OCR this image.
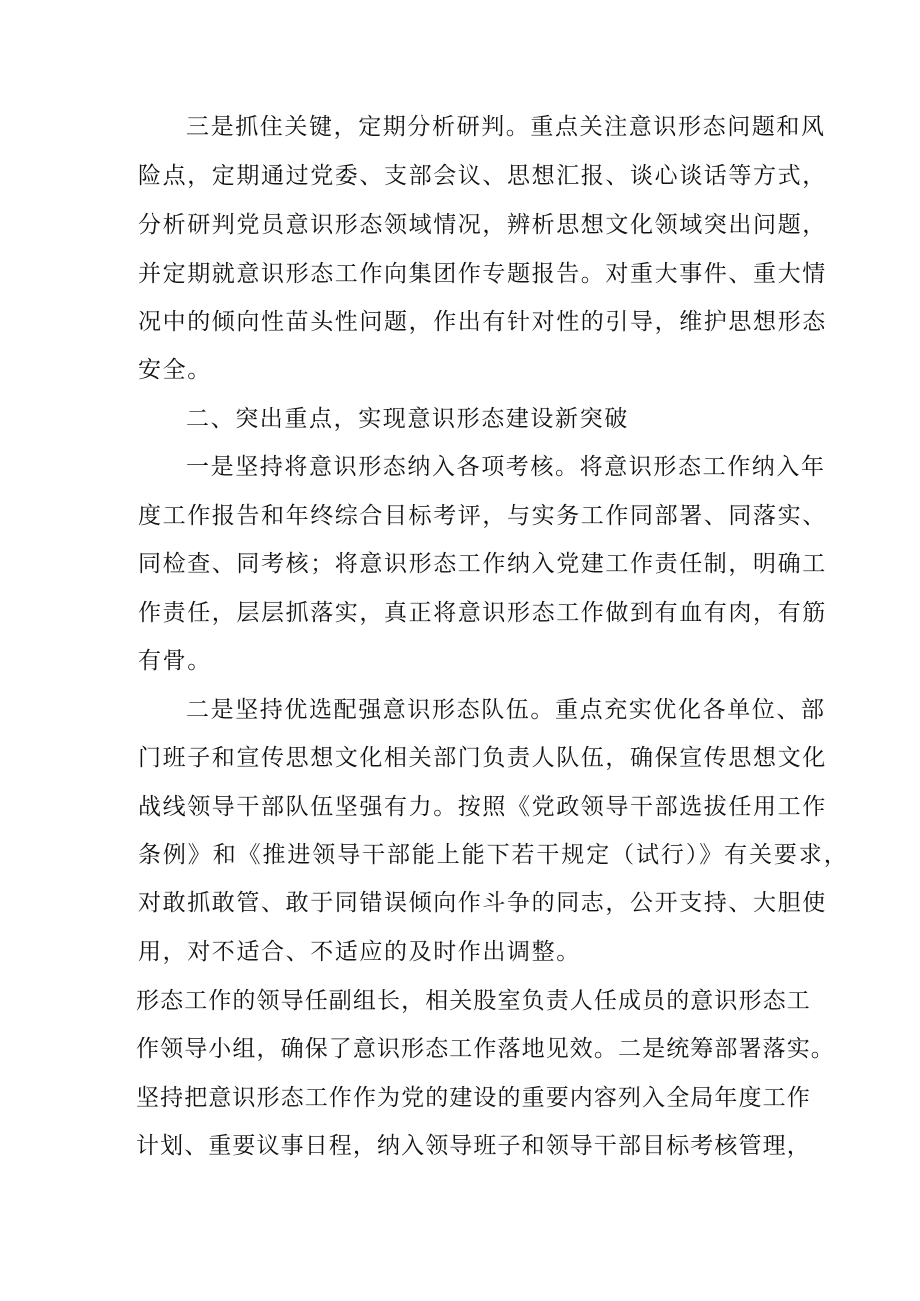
三是抓住关键，定期分析研判。重点关注意识形态问题和风
险点，定期通过党委、支部会议、思想汇报、谈心谈话等方式，
分析研判党员意识形态领域情况，辨析思想文化领域突出问题，
并定期就意识形态工作向集团作专题报告。对重大事件、重大情
况中的倾向性苗头性问题，作出有针对性的引导，维护思想形态
安全。
二、突出重点，实现意识形态建设新突破
一是坚持将意识形态纳入各项考核。将意识形态工作纳入年
度工作报告和年终综合目标考评，与实务工作同部署、同落实、
同检查、同考核；将意识形态工作纳入党建工作责任制，明确工
作责任，层层抓落实，真正将意识形态工作做到有血有肉，有筋
有骨。
二是坚持优选配强意识形态队伍。重点充实优化各单位、部
门班子和宣传思想文化相关部门负责人队伍，确保宣传思想文化
战线领导干部队伍坚强有力。按照《党政领导干部选拔任用工作
条例》和《推进领导干部能上能下若干规定（试行）》有关要求，
对敢抓敢管、敢于同错误倾向作斗争的同志，公开支持、大胆使
用，对不适合、不适应的及时作出调整。
形态工作的领导任副组长，相关股室负责人任成员的意识形态工
作领导小组，确保了意识形态工作落地见效。二是统筹部署落实。
坚持把意识形态工作作为党的建设的重要内容列入全局年度工作
计划、重要议事日程，纳入领导班子和领导干部目标考核管理，
